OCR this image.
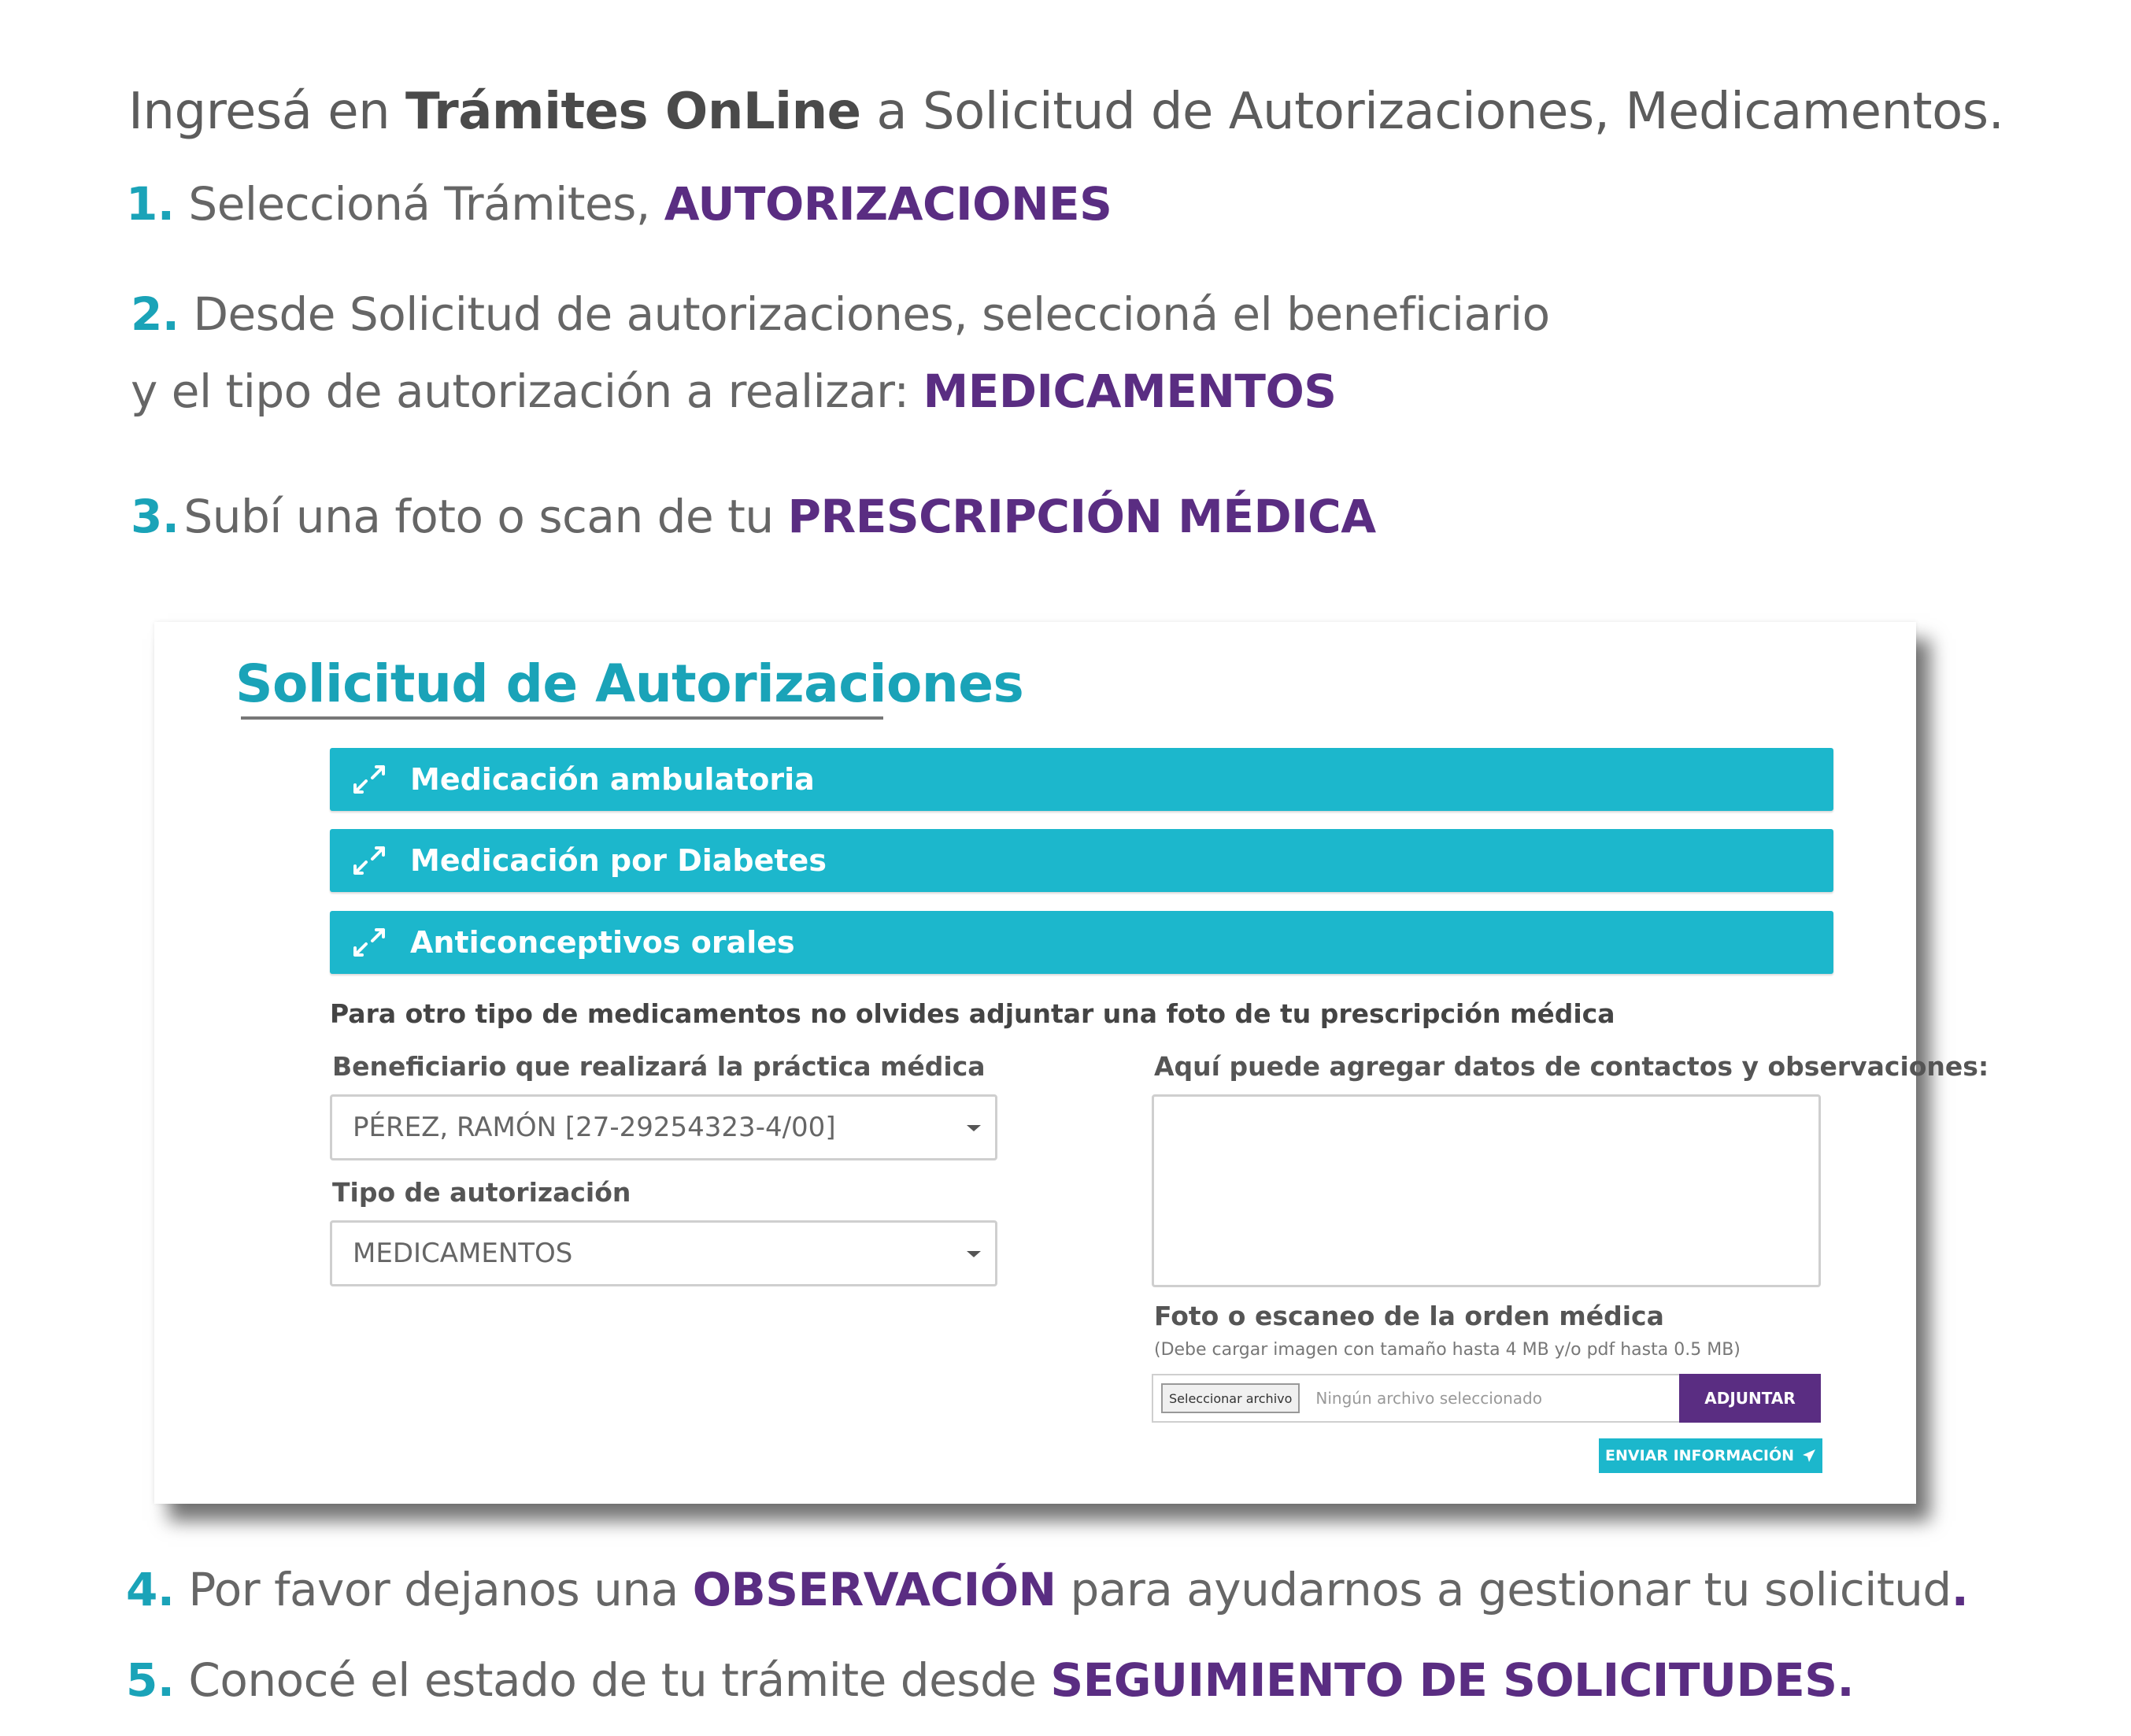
Ingresá en Trámites OnLine a Solicitud de Autorizaciones, Medicamentos.
1. Seleccioná Trámites, AUTORIZACIONES
2. Desde Solicitud de autorizaciones, seleccioná el beneficiario
y el tipo de autorización a realizar: MEDICAMENTOS
3. Subí una foto o scan de tu PRESCRIPCIÓN MÉDICA
Solicitud de Autorizaciones
Medicación ambulatoria
Medicación por Diabetes
Anticonceptivos orales
Para otro tipo de medicamentos no olvides adjuntar una foto de tu prescripción médica
Beneficiario que realizará la práctica médica
PÉREZ, RAMÓN [27-29254323-4/00]
Tipo de autorización
MEDICAMENTOS
Aquí puede agregar datos de contactos y observaciones:
Foto o escaneo de la orden médica
(Debe cargar imagen con tamaño hasta 4 MB y/o pdf hasta 0.5 MB)
Seleccionar archivo	Ningún archivo seleccionado	ADJUNTAR
ENVIAR INFORMACIÓN
4. Por favor dejanos una OBSERVACIÓN para ayudarnos a gestionar tu solicitud.
5. Conocé el estado de tu trámite desde SEGUIMIENTO DE SOLICITUDES.
